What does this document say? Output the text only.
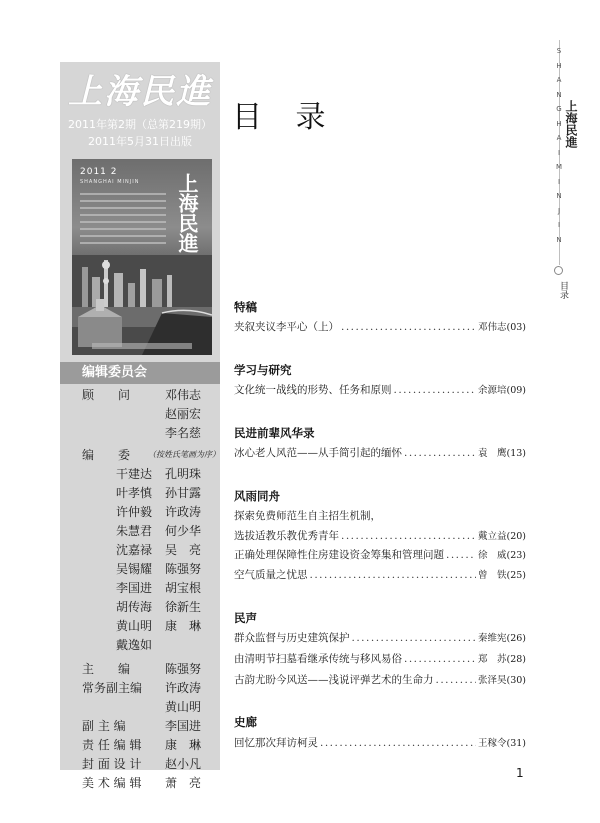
上海民進
2011年第2期（总第219期）
2011年5月31日出版
2011 2
SHANGHAI MINJIN 上海民進
编辑委员会
顾　　问	邓伟志
赵丽宏
李名慈
编　　委 （按姓氏笔画为序）
干建达 孔明珠
叶孝慎 孙甘露
许仲毅 许政涛
朱慧君 何少华
沈嘉禄 吴　亮
吴锡耀 陈强努
李国进 胡宝根
胡传海 徐新生
黄山明 康　琳
戴逸如
主　　编	陈强努
常务副主编 许政涛
黄山明
副 主 编	李国进
责 任 编 辑 康　琳
封 面 设 计 赵小凡
美 术 编 辑 萧　亮
目 录
S
H
A
N
G
H
A
I
M
I
N
J
I
N
上海民進
目录
特稿
夹叙夹议李平心（上） .....	邓伟志(03)
学习与研究
文化统一战线的形势、任务和原则 .....	余源培(09)
民进前辈风华录
冰心老人风范——从手简引起的缅怀 .....	袁　鹰(13)
风雨同舟
探索免费师范生自主招生机制，
选拔适教乐教优秀青年 .....	戴立益(20)
正确处理保障性住房建设资金筹集和管理问题 .....	徐　威(23)
空气质量之忧思 .....	曾　铁(25)
民声
群众监督与历史建筑保护 .....	秦维宪(26)
由清明节扫墓看继承传统与移风易俗 .....	郑　苏(28)
古韵尤盼今风送——浅说评弹艺术的生命力 .....	张泽昊(30)
史廊
回忆那次拜访柯灵 .....	王稼令(31)
1
